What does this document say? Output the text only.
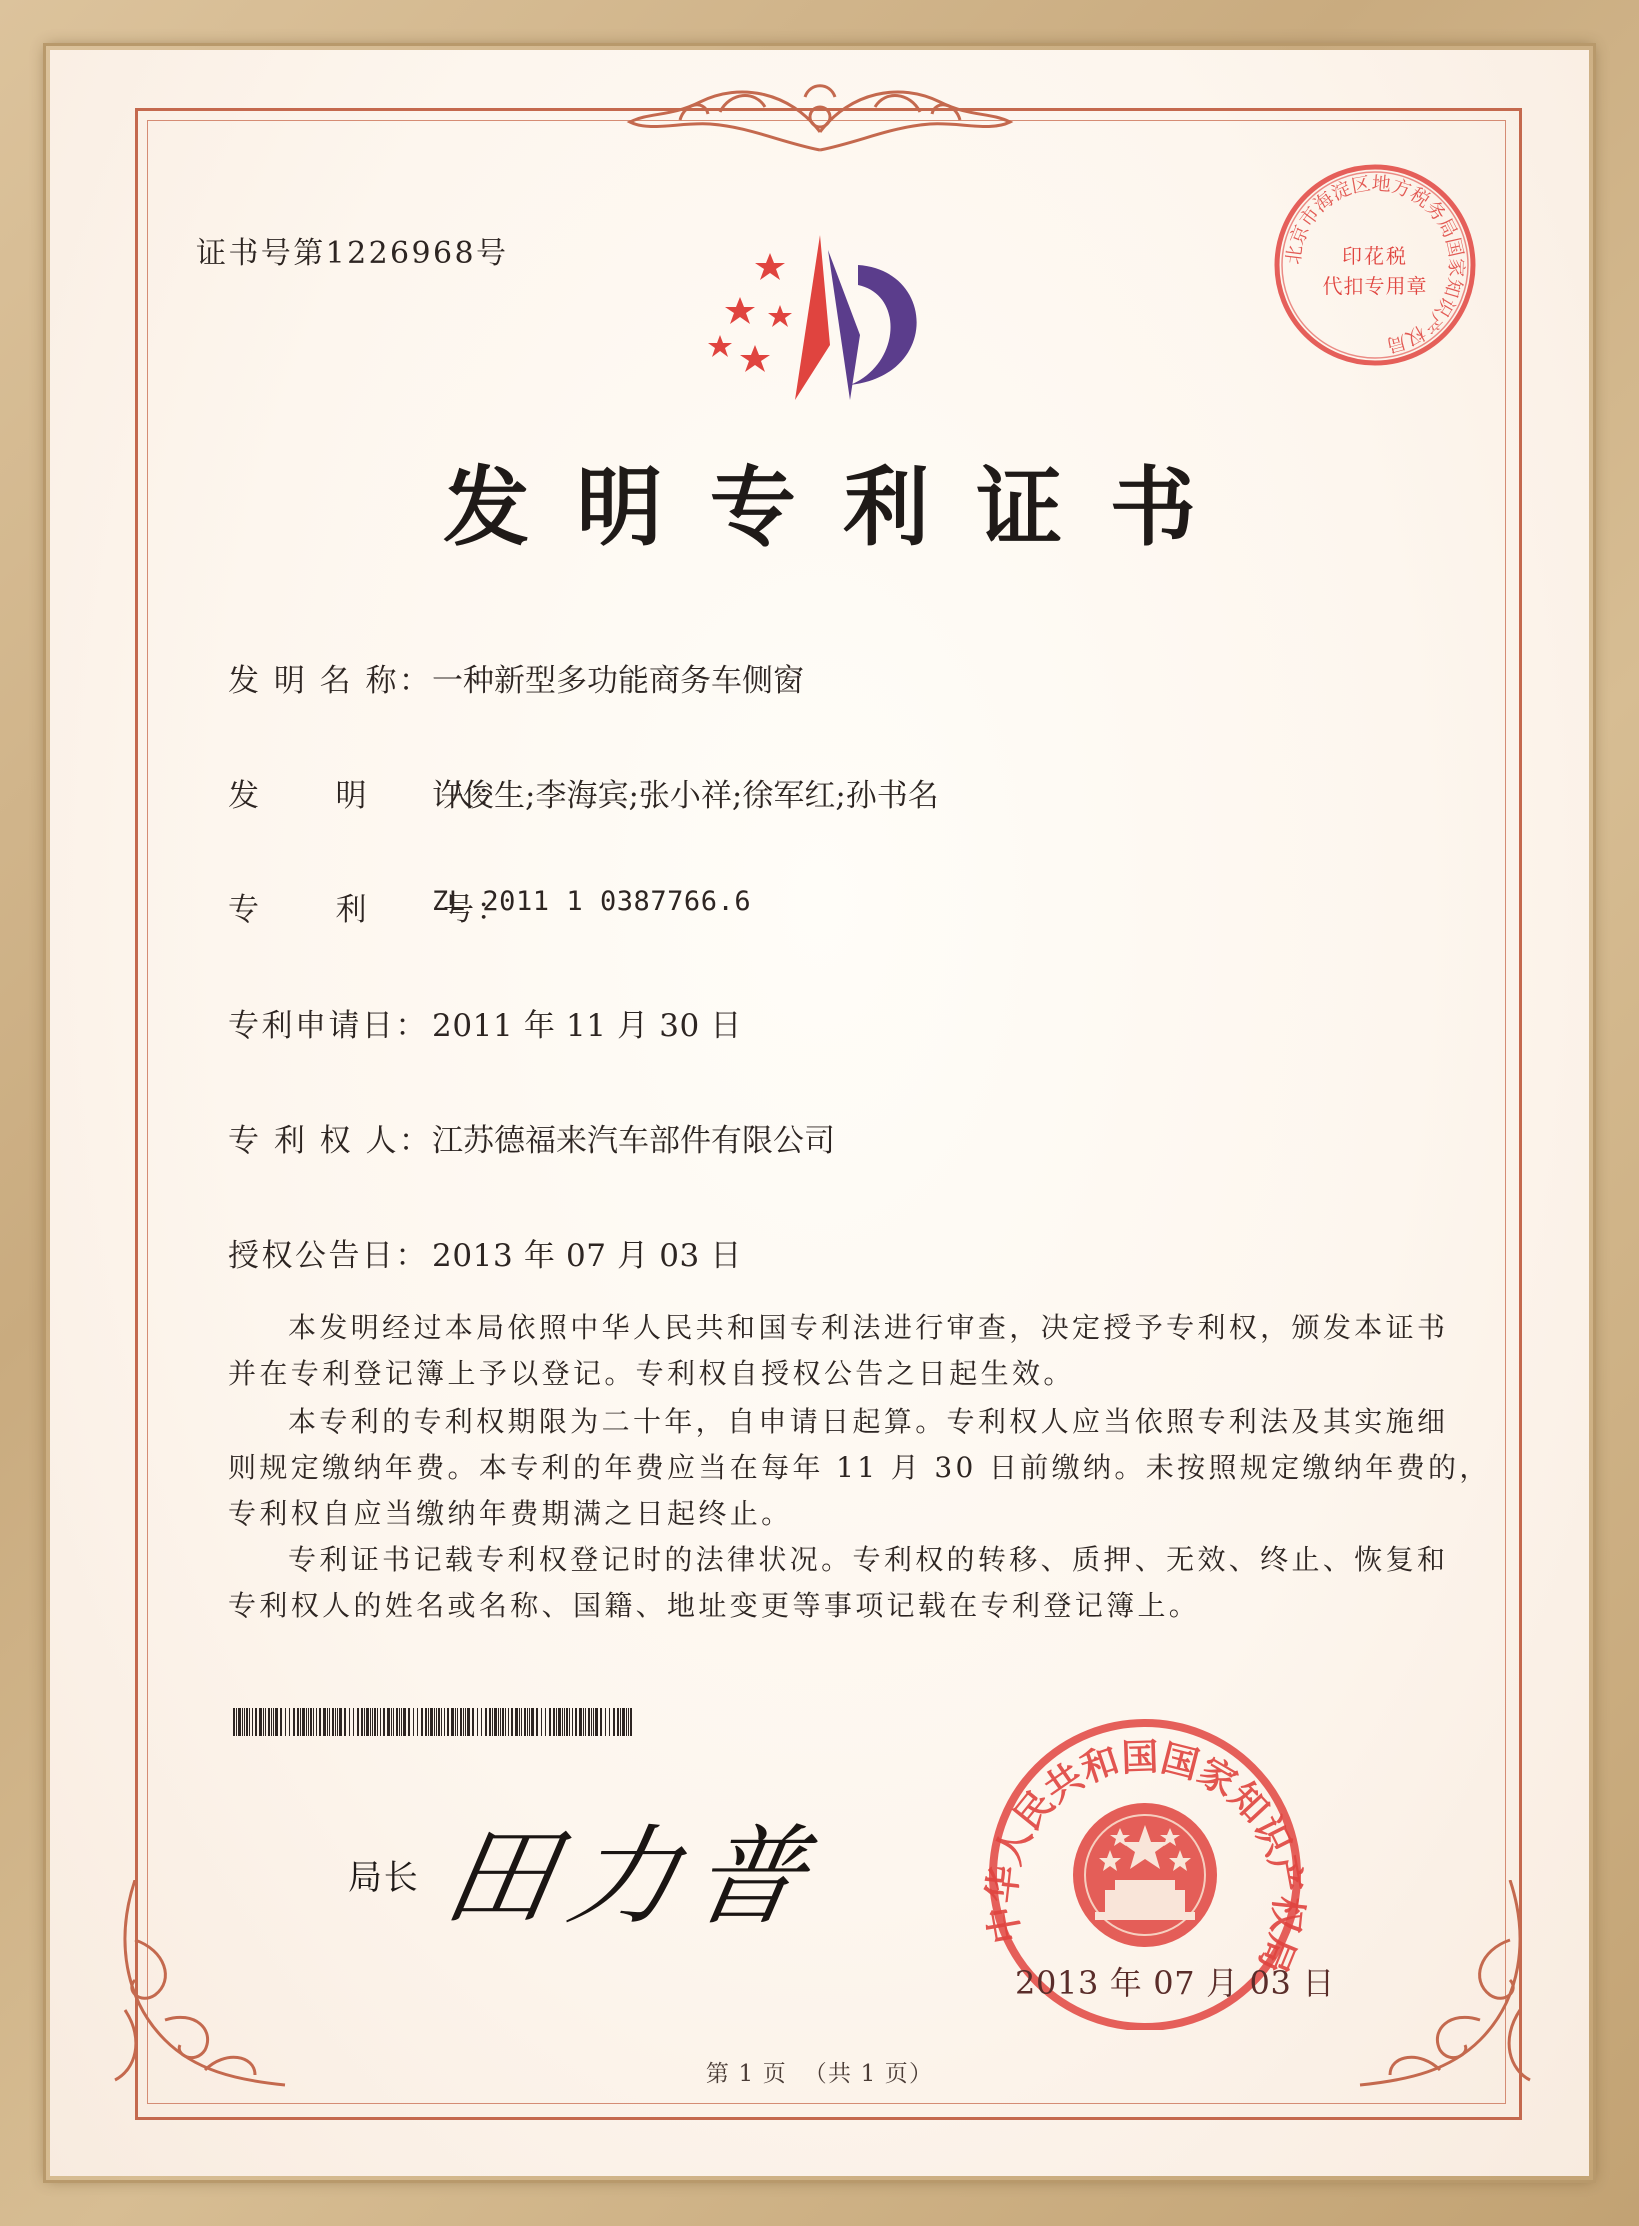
证书号第1226968号	北京市海淀区地方税务局国家知识产权局
印花税
代扣专用章
发明专利证书
发 明 名 称： 一种新型多功能商务车侧窗
发      明      人：
许俊生;李海宾;张小祥;徐军红;孙书名
专      利      号：
ZL 2011 1 0387766.6
专利申请日： 2011 年 11 月 30 日
专 利 权 人： 江苏德福来汽车部件有限公司
授权公告日： 2013 年 07 月 03 日
本发明经过本局依照中华人民共和国专利法进行审查，决定授予专利权，颁发本证书
并在专利登记簿上予以登记。专利权自授权公告之日起生效。
本专利的专利权期限为二十年，自申请日起算。专利权人应当依照专利法及其实施细
则规定缴纳年费。本专利的年费应当在每年 11 月 30 日前缴纳。未按照规定缴纳年费的，
专利权自应当缴纳年费期满之日起终止。
专利证书记载专利权登记时的法律状况。专利权的转移、质押、无效、终止、恢复和
专利权人的姓名或名称、国籍、地址变更等事项记载在专利登记簿上。
局长 田力普	中华人民共和国国家知识产权局
2013 年 07 月 03 日
第 1 页  （共 1 页）
